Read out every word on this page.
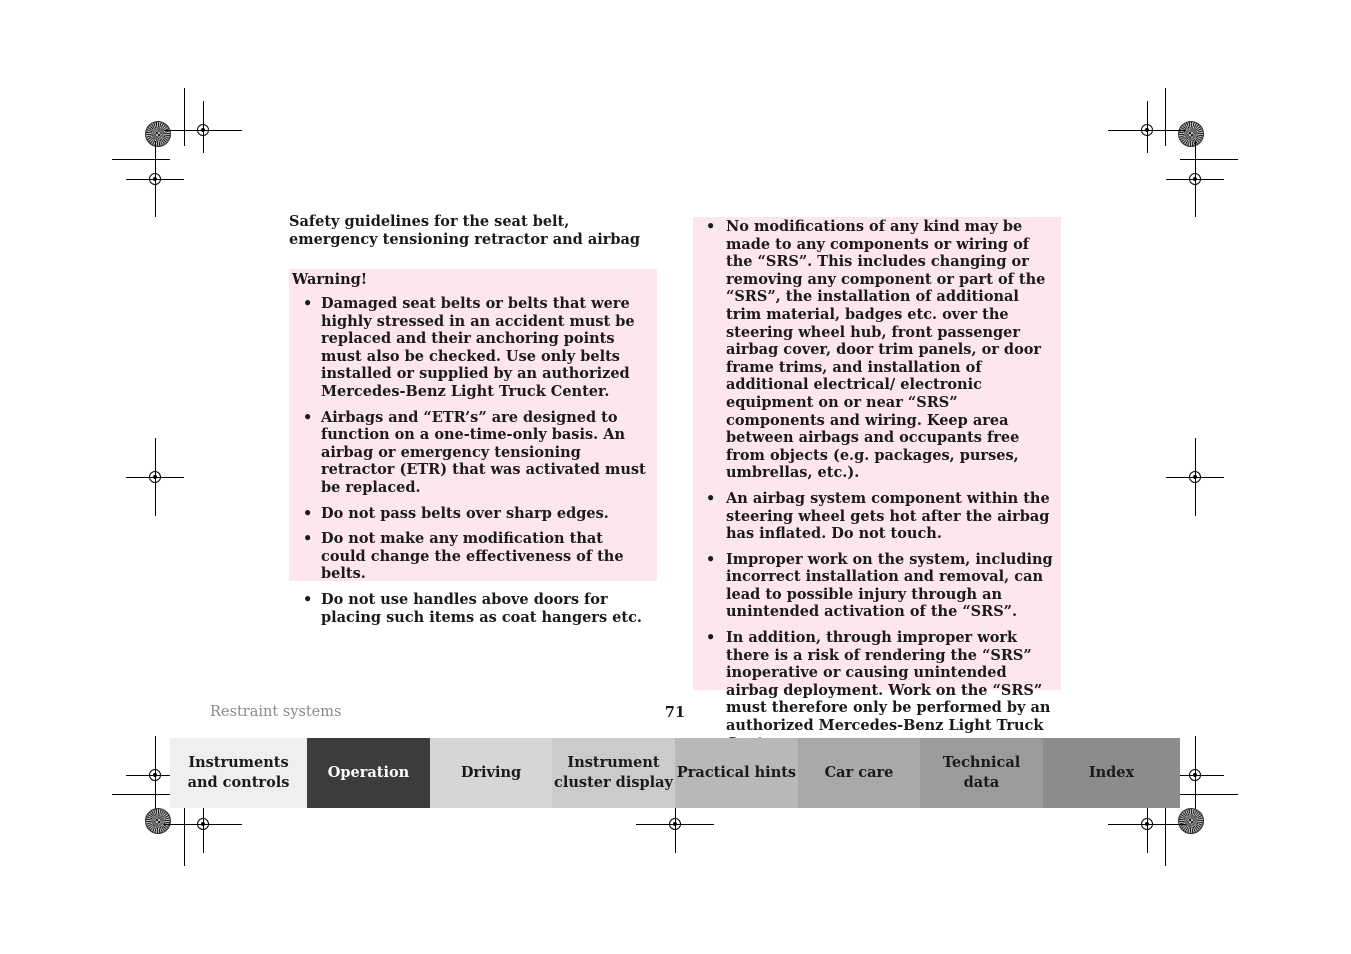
Safety guidelines for the seat belt, emergency tensioning retractor and airbag

Warning!

• Damaged seat belts or belts that were highly stressed in an accident must be replaced and their anchoring points must also be checked. Use only belts installed or supplied by an authorized Mercedes-Benz Light Truck Center.
• Airbags and “ETR’s” are designed to function on a one-time-only basis. An airbag or emergency tensioning retractor (ETR) that was activated must be replaced.
• Do not pass belts over sharp edges.
• Do not make any modification that could change the effectiveness of the belts.
• Do not use handles above doors for placing such items as coat hangers etc.
• No modifications of any kind may be made to any components or wiring of the “SRS”. This includes changing or removing any component or part of the “SRS”, the installation of additional trim material, badges etc. over the steering wheel hub, front passenger airbag cover, door trim panels, or door frame trims, and installation of additional electrical/ electronic equipment on or near “SRS” components and wiring. Keep area between airbags and occupants free from objects (e.g. packages, purses, umbrellas, etc.).
• An airbag system component within the steering wheel gets hot after the airbag has inflated. Do not touch.
• Improper work on the system, including incorrect installation and removal, can lead to possible injury through an unintended activation of the “SRS”.
• In addition, through improper work there is a risk of rendering the “SRS” inoperative or causing unintended airbag deployment. Work on the “SRS” must therefore only be performed by an authorized Mercedes-Benz Light Truck
Restraint systems	71
Instruments
and controls
Operation	Driving
Instrument
cluster display
Practical hints	Car care
Technical
data
Index
